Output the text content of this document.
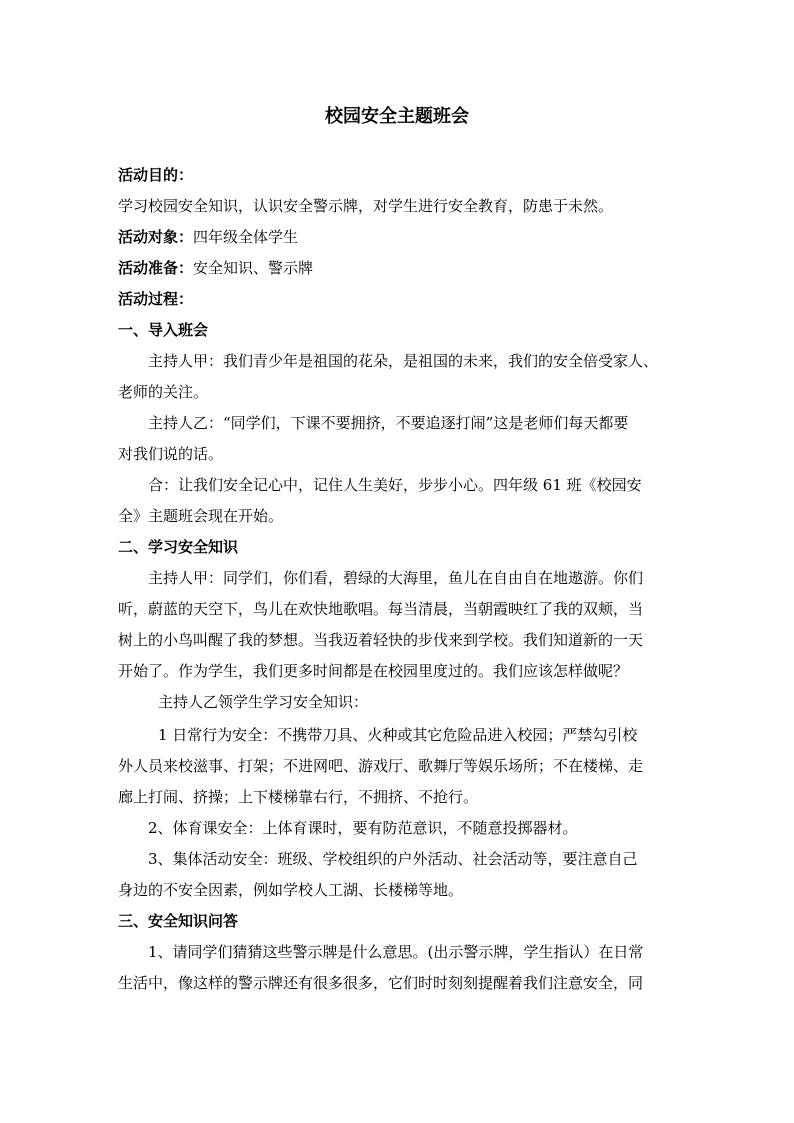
校园安全主题班会
活动目的：
学习校园安全知识，认识安全警示牌，对学生进行安全教育，防患于未然。
活动对象：四年级全体学生
活动准备：安全知识、警示牌
活动过程：
一、导入班会
主持人甲：我们青少年是祖国的花朵，是祖国的未来，我们的安全倍受家人、
老师的关注。
主持人乙：“同学们，下课不要拥挤，不要追逐打闹”这是老师们每天都要
对我们说的话。
合：让我们安全记心中，记住人生美好，步步小心。四年级 61 班《校园安
全》主题班会现在开始。
二、学习安全知识
主持人甲：同学们，你们看，碧绿的大海里，鱼儿在自由自在地遨游。你们
听，蔚蓝的天空下，鸟儿在欢快地歌唱。每当清晨，当朝霞映红了我的双颊，当
树上的小鸟叫醒了我的梦想。当我迈着轻快的步伐来到学校。我们知道新的一天
开始了。作为学生，我们更多时间都是在校园里度过的。我们应该怎样做呢？
主持人乙领学生学习安全知识：
1 日常行为安全：不携带刀具、火种或其它危险品进入校园；严禁勾引校
外人员来校滋事、打架；不进网吧、游戏厅、歌舞厅等娱乐场所；不在楼梯、走
廊上打闹、挤操；上下楼梯靠右行，不拥挤、不抢行。
2、体育课安全：上体育课时，要有防范意识，不随意投掷器材。
3、集体活动安全：班级、学校组织的户外活动、社会活动等，要注意自己
身边的不安全因素，例如学校人工湖、长楼梯等地。
三、安全知识问答
1、请同学们猜猜这些警示牌是什么意思。(出示警示牌，学生指认）在日常
生活中，像这样的警示牌还有很多很多，它们时时刻刻提醒着我们注意安全，同
